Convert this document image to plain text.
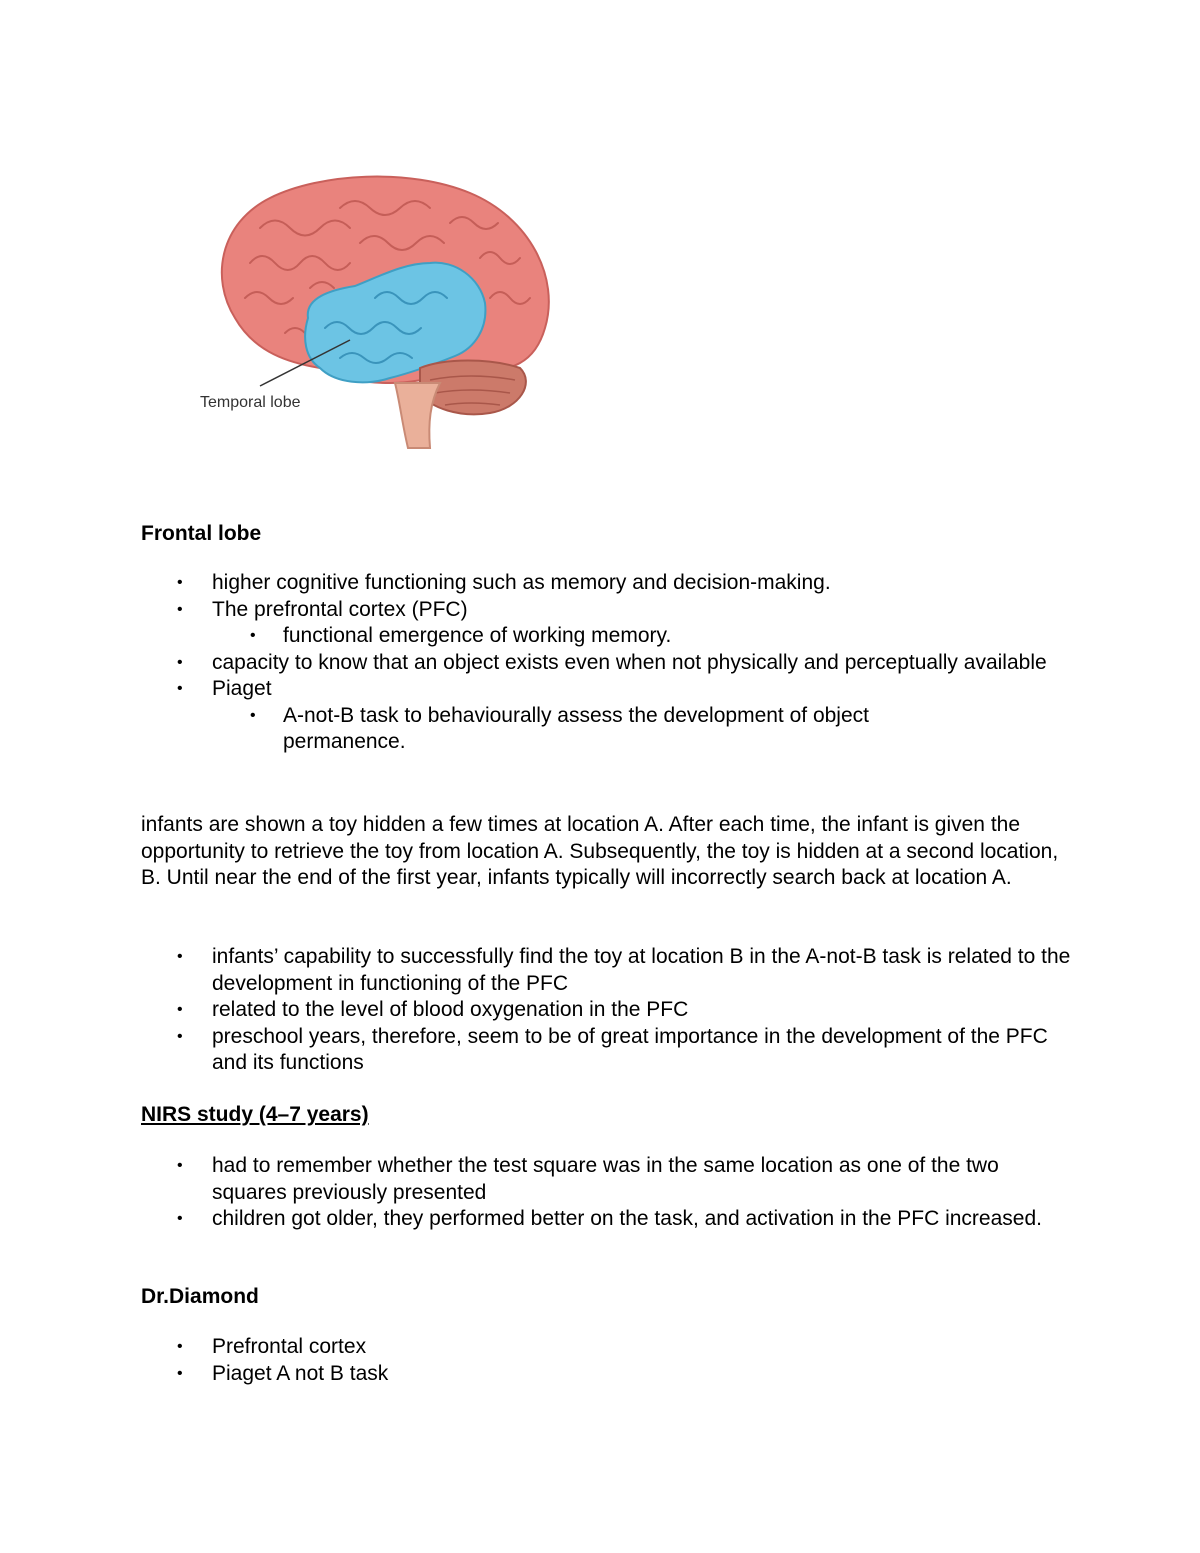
Temporal lobe
Frontal lobe
• higher cognitive functioning such as memory and decision-making.
• The prefrontal cortex (PFC)
• functional emergence of working memory.
• capacity to know that an object exists even when not physically and perceptually available
• Piaget
• A-not-B task to behaviourally assess the development of object permanence.

infants are shown a toy hidden a few times at location A. After each time, the infant is given the opportunity to retrieve the toy from location A. Subsequently, the toy is hidden at a second location, B. Until near the end of the first year, infants typically will incorrectly search back at location A.

• infants’ capability to successfully find the toy at location B in the A-not-B task is related to the development in functioning of the PFC
• related to the level of blood oxygenation in the PFC
• preschool years, therefore, seem to be of great importance in the development of the PFC and its functions
NIRS study (4–7 years)
• had to remember whether the test square was in the same location as one of the two squares previously presented
• children got older, they performed better on the task, and activation in the PFC increased.
Dr.Diamond
• Prefrontal cortex
• Piaget A not B task
